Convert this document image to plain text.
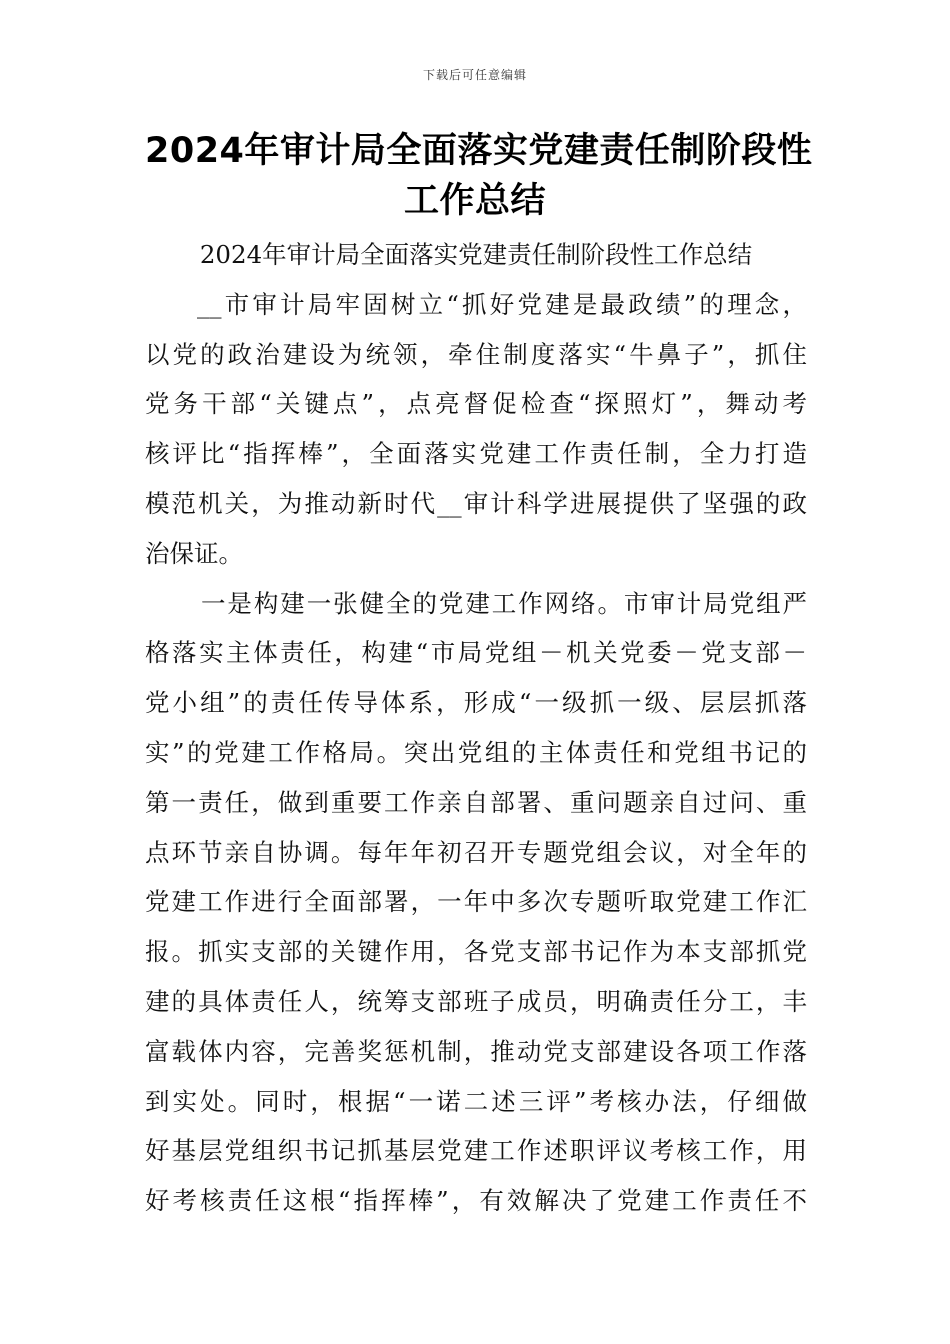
下载后可任意编辑
2024年审计局全面落实党建责任制阶段性
工作总结
2024年审计局全面落实党建责任制阶段性工作总结
__市审计局牢固树立“抓好党建是最政绩”的理念，
以党的政治建设为统领，牵住制度落实“牛鼻子”，抓住
党务干部“关键点”，点亮督促检查“探照灯”，舞动考
核评比“指挥棒”，全面落实党建工作责任制，全力打造
模范机关，为推动新时代__审计科学进展提供了坚强的政
治保证。
一是构建一张健全的党建工作网络。市审计局党组严
格落实主体责任，构建“市局党组－机关党委－党支部－
党小组”的责任传导体系，形成“一级抓一级、层层抓落
实”的党建工作格局。突出党组的主体责任和党组书记的
第一责任，做到重要工作亲自部署、重问题亲自过问、重
点环节亲自协调。每年年初召开专题党组会议，对全年的
党建工作进行全面部署，一年中多次专题听取党建工作汇
报。抓实支部的关键作用，各党支部书记作为本支部抓党
建的具体责任人，统筹支部班子成员，明确责任分工，丰
富载体内容，完善奖惩机制，推动党支部建设各项工作落
到实处。同时，根据“一诺二述三评”考核办法，仔细做
好基层党组织书记抓基层党建工作述职评议考核工作，用
好考核责任这根“指挥棒”，有效解决了党建工作责任不
